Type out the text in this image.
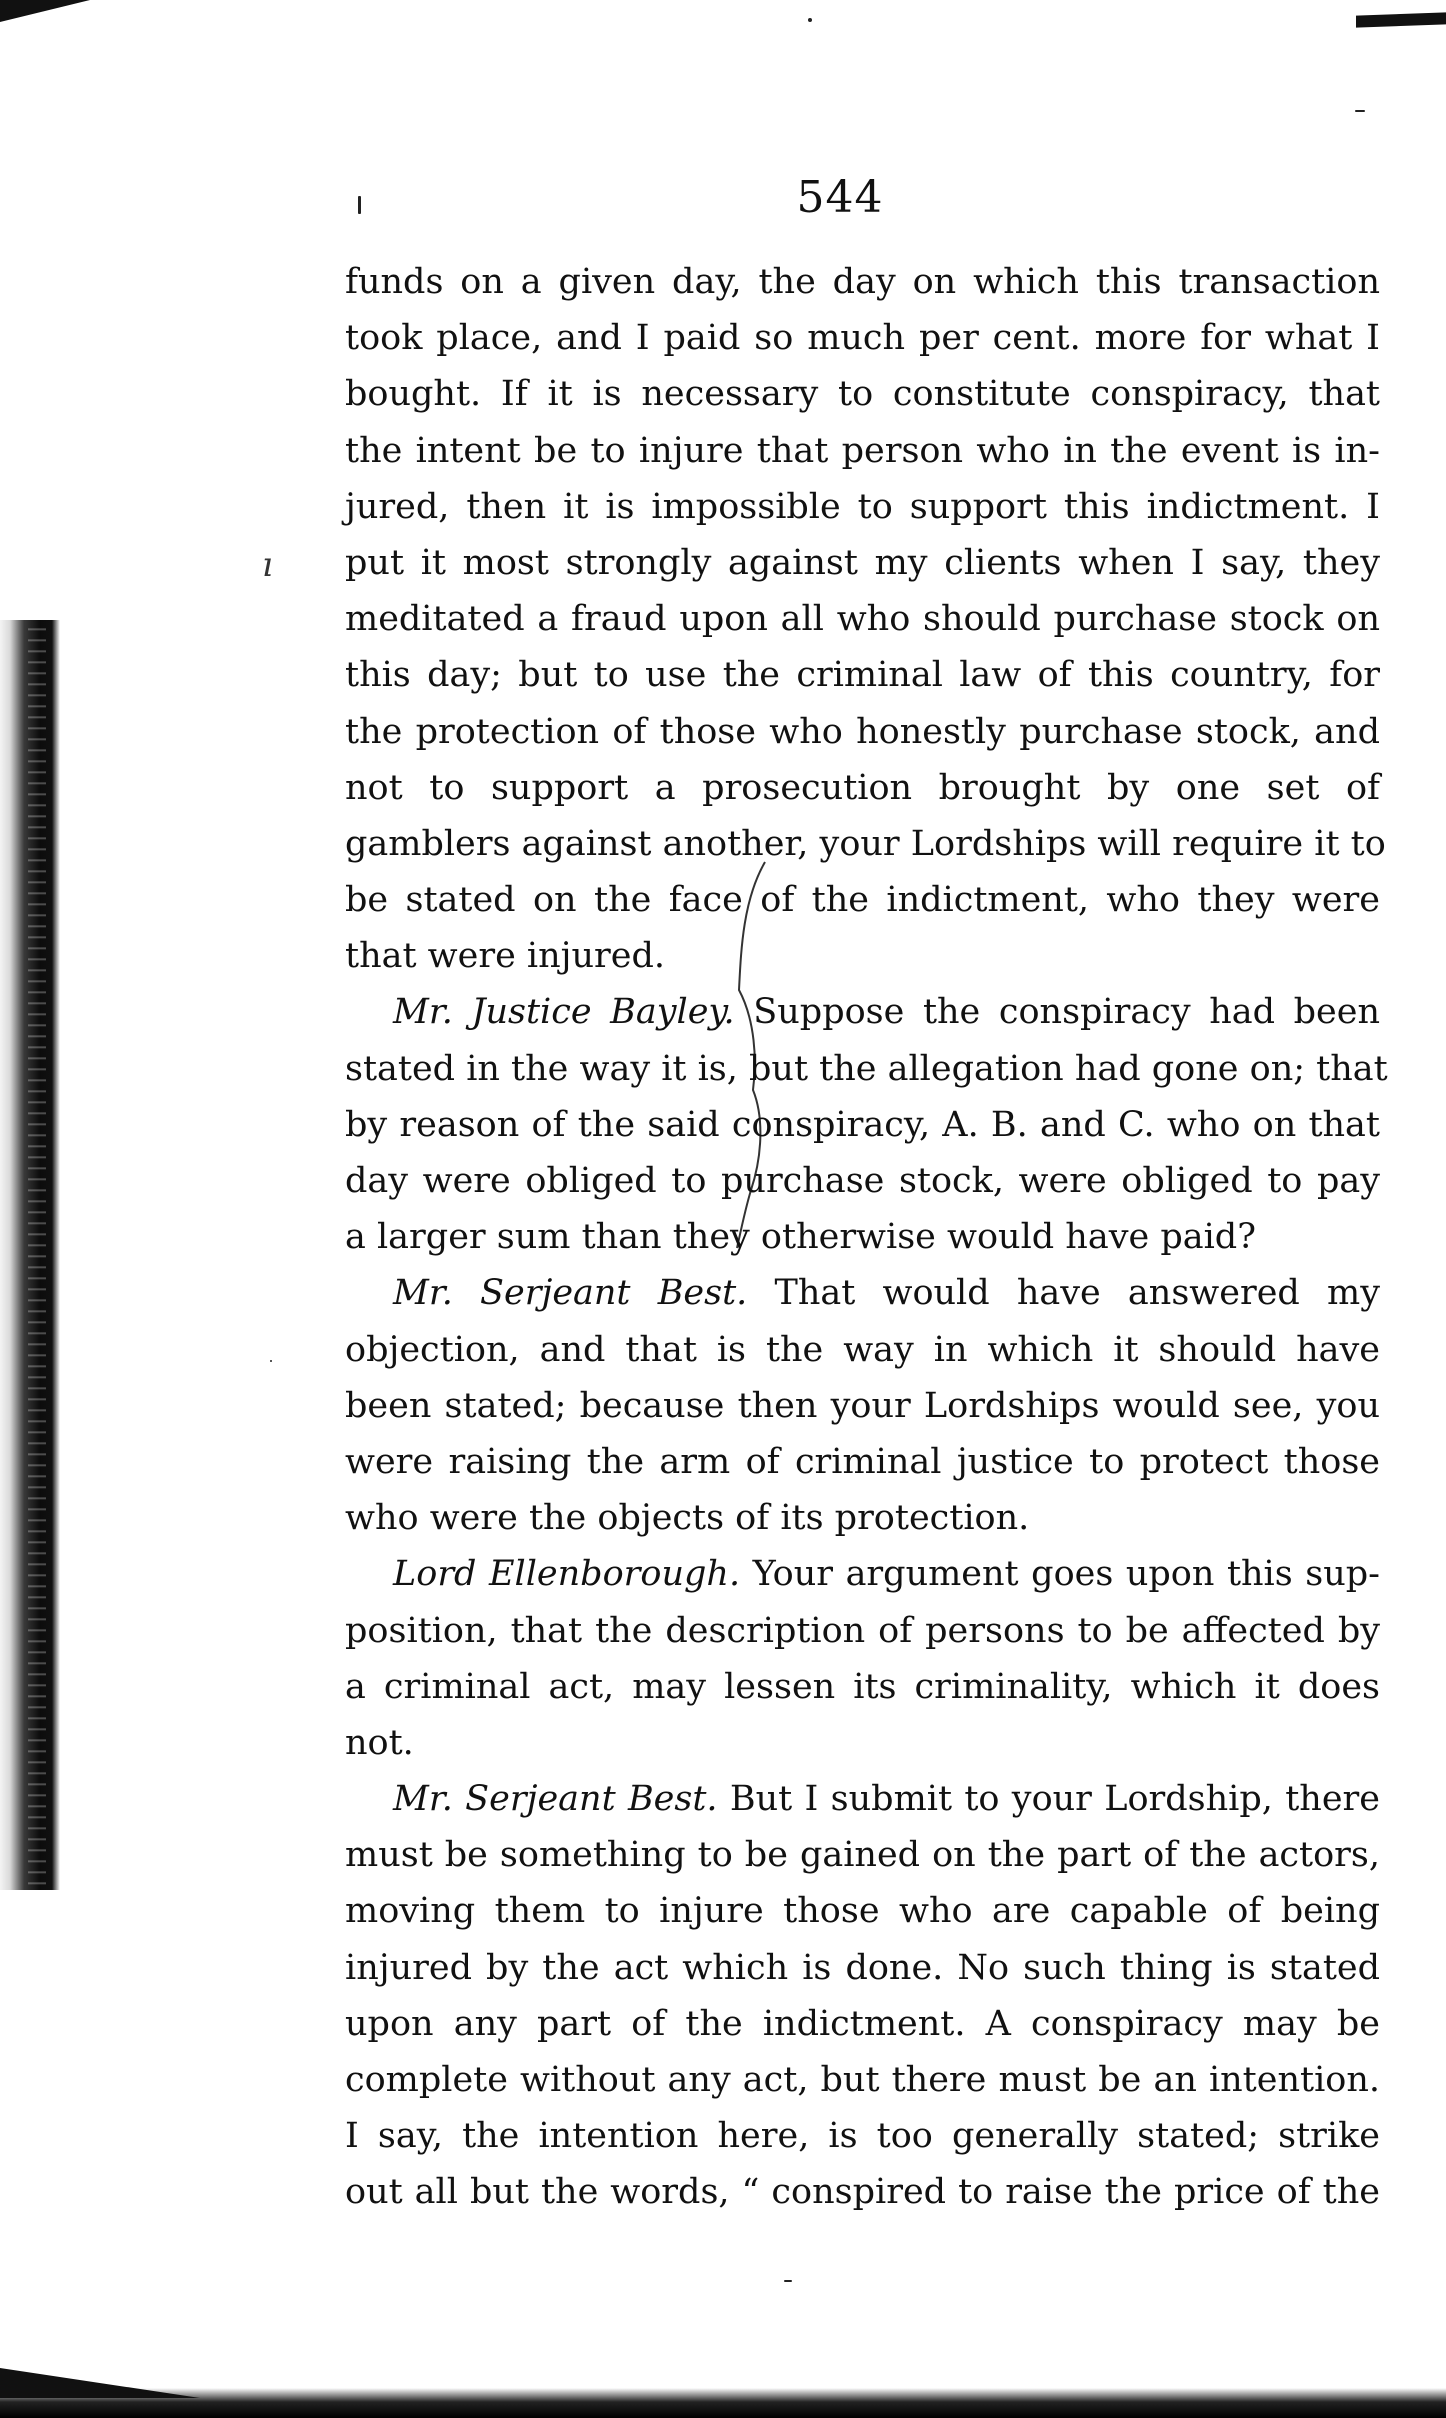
544
ı
funds on a given day, the day on which this transaction
took place, and I paid so much per cent. more for what I
bought. If it is necessary to constitute conspiracy, that
the intent be to injure that person who in the event is in-
jured, then it is impossible to support this indictment. I
put it most strongly against my clients when I say, they
meditated a fraud upon all who should purchase stock on
this day; but to use the criminal law of this country, for
the protection of those who honestly purchase stock, and
not to support a prosecution brought by one set of
gamblers against another, your Lordships will require it to
be stated on the face of the indictment, who they were
that were injured.
Mr. Justice Bayley. Suppose the conspiracy had been
stated in the way it is, but the allegation had gone on; that
by reason of the said conspiracy, A. B. and C. who on that
day were obliged to purchase stock, were obliged to pay
a larger sum than they otherwise would have paid?
Mr. Serjeant Best. That would have answered my
objection, and that is the way in which it should have
been stated; because then your Lordships would see, you
were raising the arm of criminal justice to protect those
who were the objects of its protection.
Lord Ellenborough. Your argument goes upon this sup-
position, that the description of persons to be affected by
a criminal act, may lessen its criminality, which it does
not.
Mr. Serjeant Best. But I submit to your Lordship, there
must be something to be gained on the part of the actors,
moving them to injure those who are capable of being
injured by the act which is done. No such thing is stated
upon any part of the indictment. A conspiracy may be
complete without any act, but there must be an intention.
I say, the intention here, is too generally stated; strike
out all but the words, “ conspired to raise the price of the
